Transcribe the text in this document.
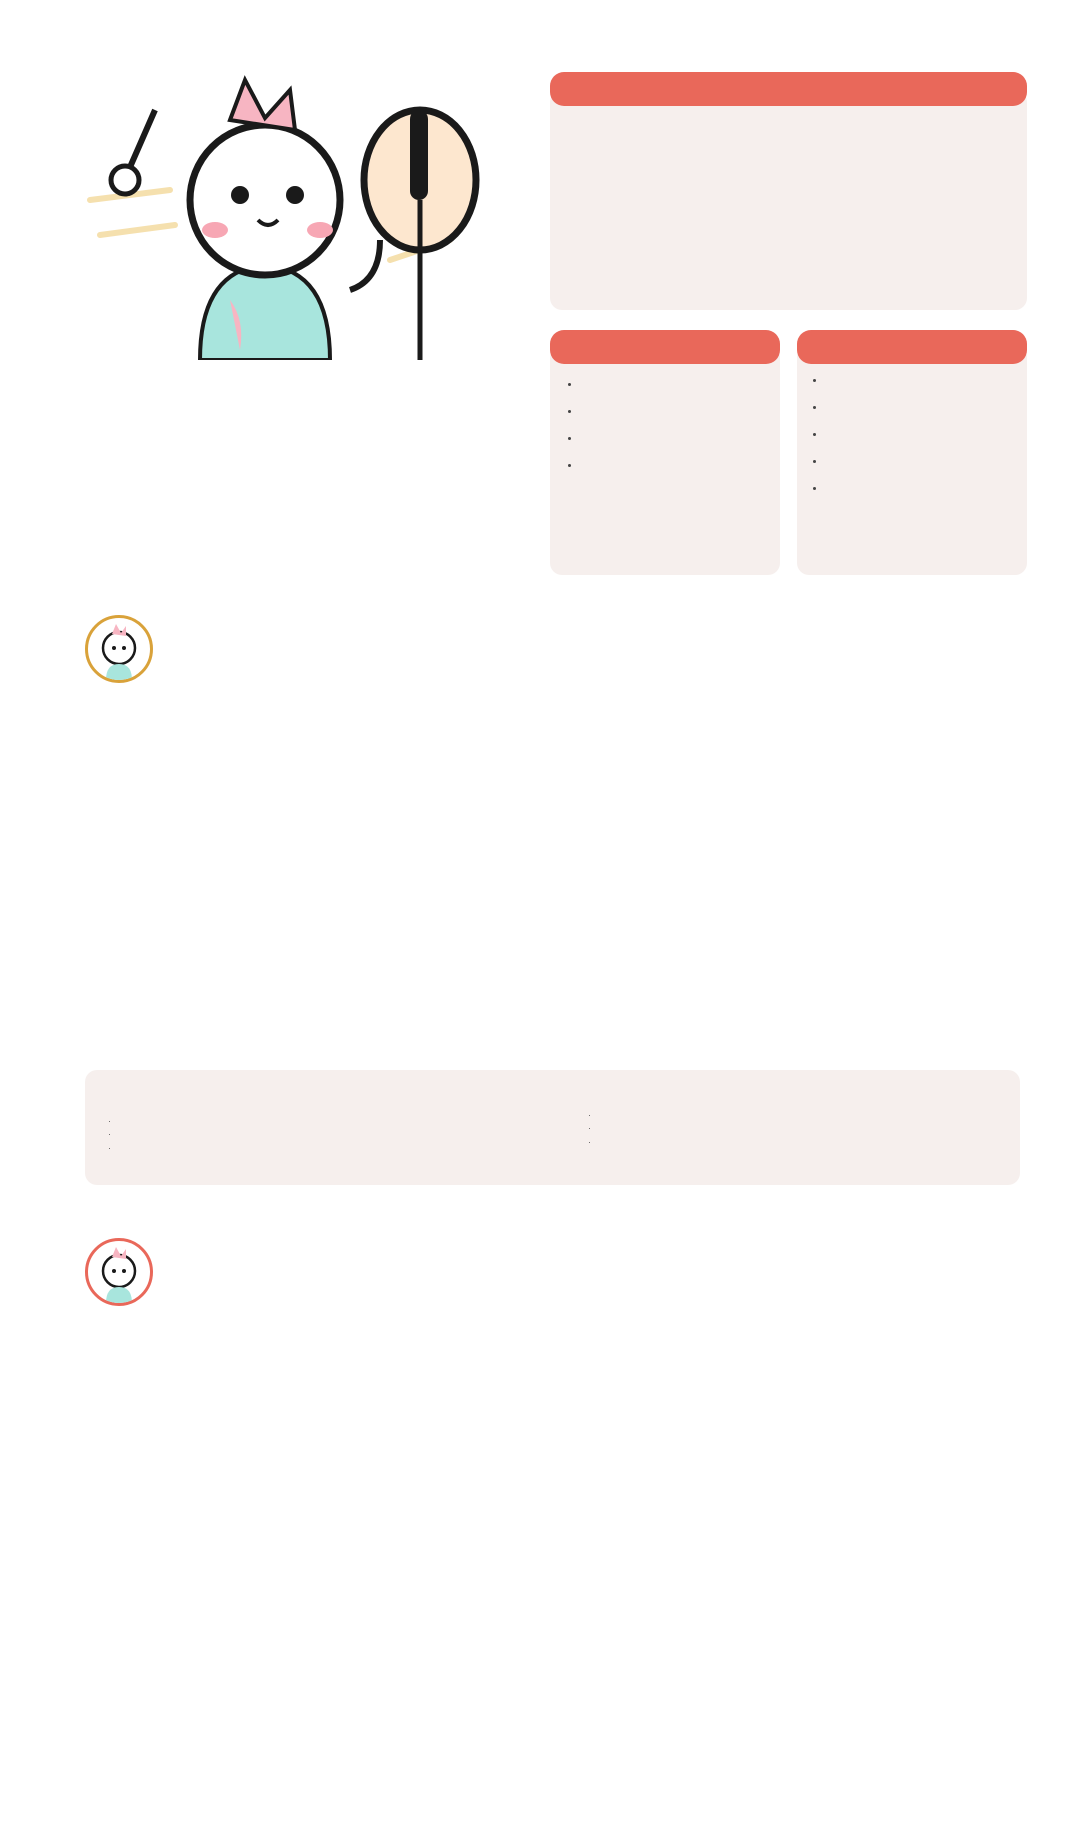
•
•
•
•
•
•
•
•
•
•
•
•
•
•
•
